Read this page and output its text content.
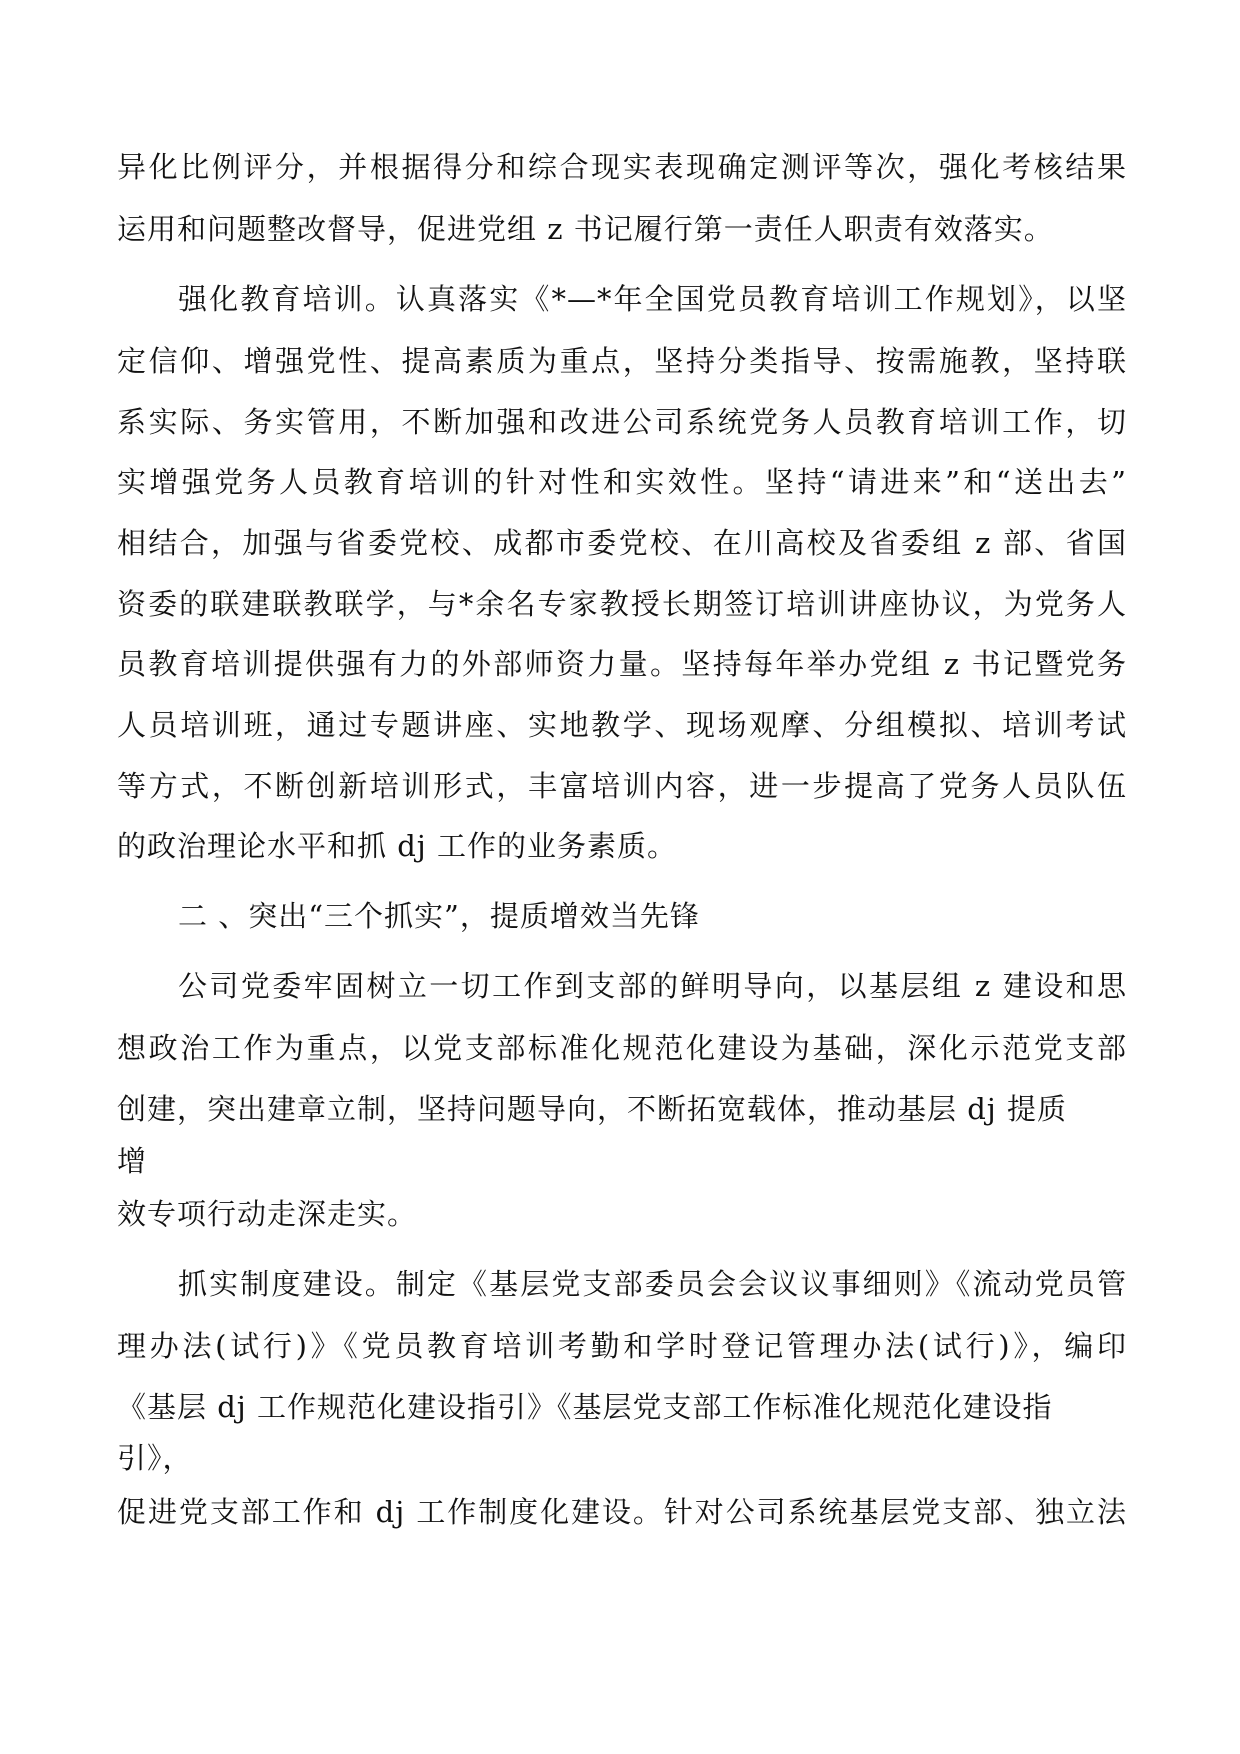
异化比例评分，并根据得分和综合现实表现确定测评等次，强化考核结果
运用和问题整改督导，促进党组 z 书记履行第一责任人职责有效落实。
强化教育培训。认真落实《*—*年全国党员教育培训工作规划》，以坚
定信仰、增强党性、提高素质为重点，坚持分类指导、按需施教，坚持联
系实际、务实管用，不断加强和改进公司系统党务人员教育培训工作，切
实增强党务人员教育培训的针对性和实效性。坚持“请进来”和“送出去”
相结合，加强与省委党校、成都市委党校、在川高校及省委组 z 部、省国
资委的联建联教联学，与*余名专家教授长期签订培训讲座协议，为党务人
员教育培训提供强有力的外部师资力量。坚持每年举办党组 z 书记暨党务
人员培训班，通过专题讲座、实地教学、现场观摩、分组模拟、培训考试
等方式，不断创新培训形式，丰富培训内容，进一步提高了党务人员队伍
的政治理论水平和抓 dj 工作的业务素质。
二 、突出“三个抓实”，提质增效当先锋
公司党委牢固树立一切工作到支部的鲜明导向，以基层组 z 建设和思
想政治工作为重点，以党支部标准化规范化建设为基础，深化示范党支部
创建，突出建章立制，坚持问题导向，不断拓宽载体，推动基层 dj 提质
增
效专项行动走深走实。
抓实制度建设。制定《基层党支部委员会会议议事细则》《流动党员管
理办法(试行)》《党员教育培训考勤和学时登记管理办法(试行)》，编印
《基层 dj 工作规范化建设指引》《基层党支部工作标准化规范化建设指
引》，
促进党支部工作和 dj 工作制度化建设。针对公司系统基层党支部、独立法
